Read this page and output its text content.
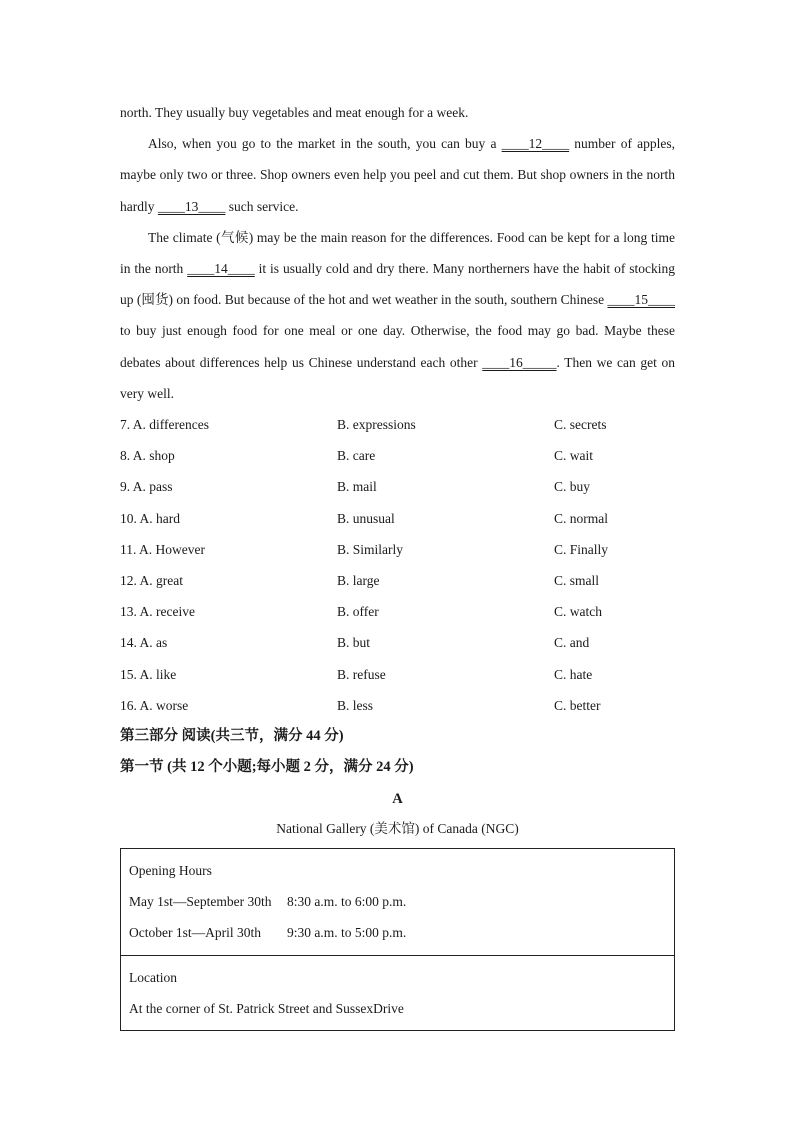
north. They usually buy vegetables and meat enough for a week.

Also, when you go to the market in the south, you can buy a ____12____ number of apples, maybe only two or three. Shop owners even help you peel and cut them. But shop owners in the north hardly ____13____ such service.

The climate (气候) may be the main reason for the differences. Food can be kept for a long time in the north ____14____ it is usually cold and dry there. Many northerners have the habit of stocking up (囤货) on food. But because of the hot and wet weather in the south, southern Chinese ____15____ to buy just enough food for one meal or one day. Otherwise, the food may go bad. Maybe these debates about differences help us Chinese understand each other ____16_____. Then we can get on very well.

7. A. differences	B. expressions	C. secrets
8. A. shop	B. care	C. wait
9. A. pass	B. mail	C. buy
10. A. hard	B. unusual	C. normal
11. A. However	B. Similarly	C. Finally
12. A. great	B. large	C. small
13. A. receive	B. offer	C. watch
14. A. as	B. but	C. and
15. A. like	B. refuse	C. hate
16. A. worse	B. less	C. better

第三部分 阅读(共三节，满分 44 分)

第一节 (共 12 个小题;每小题 2 分，满分 24 分)

A

National Gallery (美术馆) of Canada (NGC)

Opening Hours
May 1st—September 30th	8:30 a.m. to 6:00 p.m.
October 1st—April 30th	9:30 a.m. to 5:00 p.m.
Location
At the corner of St. Patrick Street and SussexDrive
